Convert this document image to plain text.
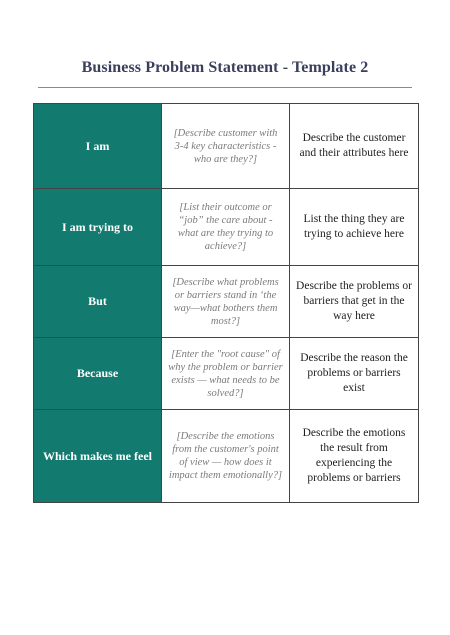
Business Problem Statement - Template 2
I am	[Describe customer with 3-4 key characteristics - who are they?]	Describe the customer and their attributes here
I am trying to	[List their outcome or “job” the care about - what are they trying to achieve?]	List the thing they are trying to achieve here
But	[Describe what problems or barriers stand in ‘the way—what bothers them most?]	Describe the problems or barriers that get in the way here
Because	[Enter the "root cause" of why the problem or barrier exists — what needs to be solved?]	Describe the reason the problems or barriers exist
Which makes me feel	[Describe the emotions from the customer's point of view — how does it impact them emotionally?]	Describe the emotions the result from experiencing the problems or barriers
